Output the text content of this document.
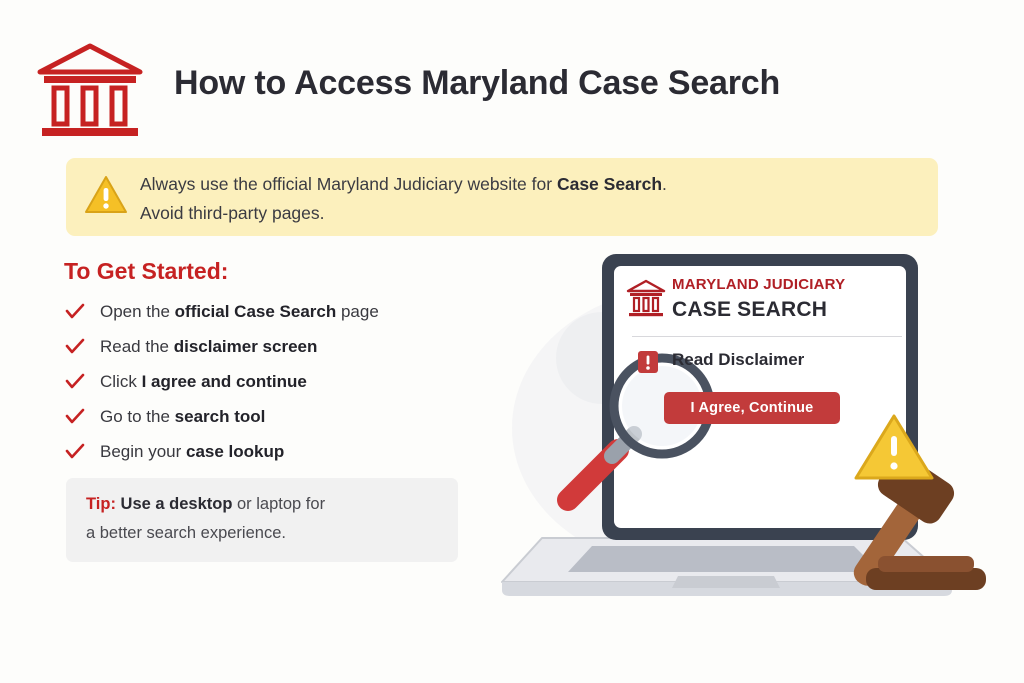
How to Access Maryland Case Search
Always use the official Maryland Judiciary website for Case Search.
Avoid third-party pages.
To Get Started:
Open the official Case Search page
Read the disclaimer screen
Click I agree and continue
Go to the search tool
Begin your case lookup
Tip: Use a desktop or laptop for
a better search experience.
MARYLAND JUDICIARY
CASE SEARCH
Read Disclaimer
I Agree, Continue
